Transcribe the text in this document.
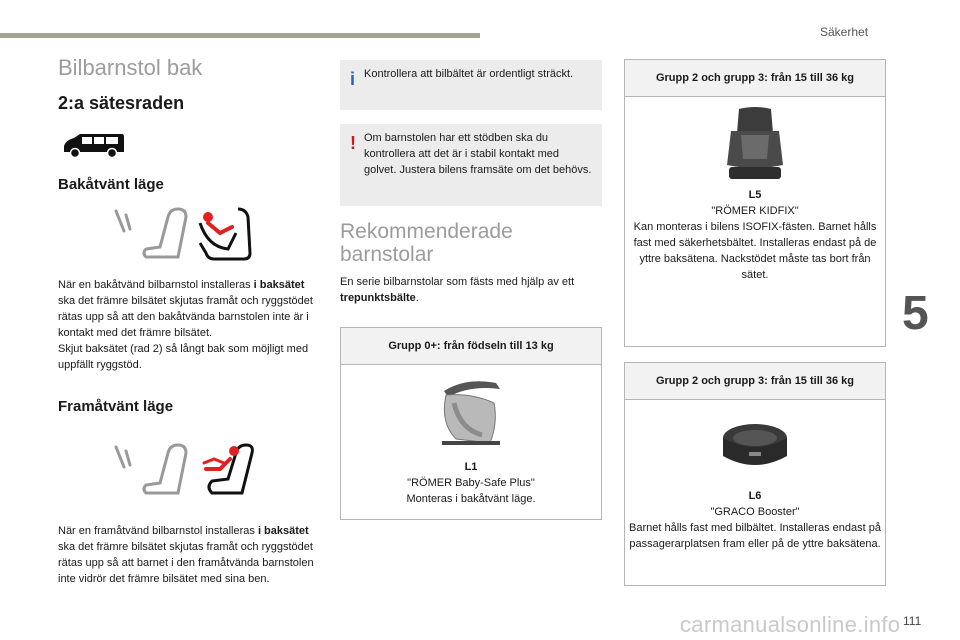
Säkerhet
5
111
carmanualsonline.info
Bilbarnstol bak
2:a sätesraden
Bakåtvänt läge

När en bakåtvänd bilbarnstol installeras i baksätet ska det främre bilsätet skjutas framåt och ryggstödet rätas upp så att den bakåtvända barnstolen inte är i kontakt med det främre bilsätet.

Skjut baksätet (rad 2) så långt bak som möjligt med uppfällt ryggstöd.

Framåtvänt läge

När en framåtvänd bilbarnstol installeras i baksätet ska det främre bilsätet skjutas framåt och ryggstödet rätas upp så att barnet i den framåtvända barnstolen inte vidrör det främre bilsätet med sina ben.

i Kontrollera att bilbältet är ordentligt sträckt.
! Om barnstolen har ett stödben ska du kontrollera att det är i stabil kontakt med golvet. Justera bilens framsäte om det behövs.
Rekommenderade barnstolar

En serie bilbarnstolar som fästs med hjälp av ett trepunktsbälte.

Grupp 0+: från födseln till 13 kg
L1
"RÖMER Baby-Safe Plus"
Monteras i bakåtvänt läge.
Grupp 2 och grupp 3: från 15 till 36 kg
L5
"RÖMER KIDFIX"
Kan monteras i bilens ISOFIX-fästen. Barnet hålls fast med säkerhetsbältet. Installeras endast på de yttre baksätena. Nackstödet måste tas bort från sätet.
Grupp 2 och grupp 3: från 15 till 36 kg
L6
"GRACO Booster"
Barnet hålls fast med bilbältet. Installeras endast på passagerarplatsen fram eller på de yttre baksätena.
